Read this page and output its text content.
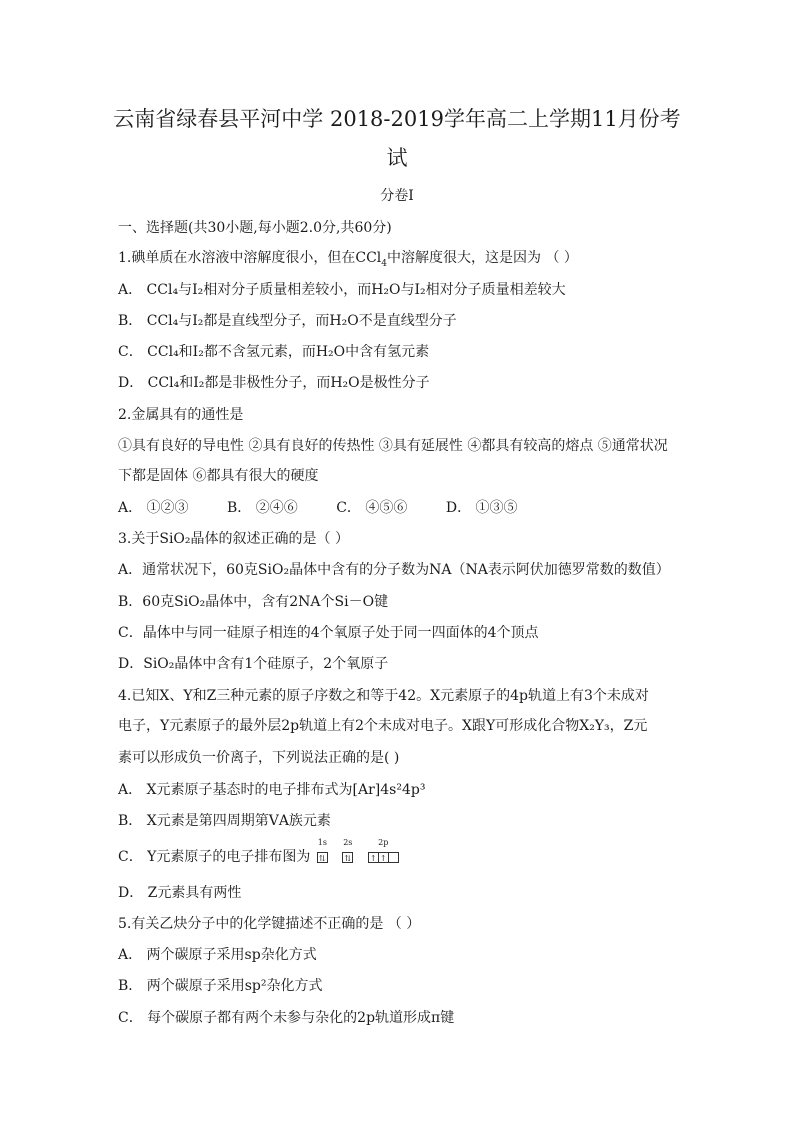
云南省绿春县平河中学 2018-2019学年高二上学期11月份考
试
分卷I
一、选择题(共30小题,每小题2.0分,共60分)
1.碘单质在水溶液中溶解度很小，但在CCl$_4$中溶解度很大，这是因为 （ ）
A． CCl₄与I₂相对分子质量相差较小，而H₂O与I₂相对分子质量相差较大
B． CCl₄与I₂都是直线型分子，而H₂O不是直线型分子
C． CCl₄和I₂都不含氢元素，而H₂O中含有氢元素
D． CCl₄和I₂都是非极性分子，而H₂O是极性分子
2.金属具有的通性是
①具有良好的导电性 ②具有良好的传热性 ③具有延展性 ④都具有较高的熔点 ⑤通常状况
下都是固体 ⑥都具有很大的硬度
A． ①②③	B． ②④⑥	C． ④⑤⑥	D． ①③⑤
3.关于SiO₂晶体的叙述正确的是（ ）
A．通常状况下，60克SiO₂晶体中含有的分子数为NA（NA表示阿伏加德罗常数的数值）
B．60克SiO₂晶体中，含有2NA个Si－O键
C．晶体中与同一硅原子相连的4个氧原子处于同一四面体的4个顶点
D．SiO₂晶体中含有1个硅原子，2个氧原子
4.已知X、Y和Z三种元素的原子序数之和等于42。X元素原子的4p轨道上有3个未成对
电子，Y元素原子的最外层2p轨道上有2个未成对电子。X跟Y可形成化合物X₂Y₃，Z元
素可以形成负一价离子，下列说法正确的是( )
A． X元素原子基态时的电子排布式为[Ar]4s²4p³
B． X元素是第四周期第ⅤA族元素
C． Y元素原子的电子排布图为
1s
⇅

2s
⇅

2p
↑ ↑
D． Z元素具有两性
5.有关乙炔分子中的化学键描述不正确的是 （ ）
A． 两个碳原子采用sp杂化方式
B． 两个碳原子采用sp²杂化方式
C． 每个碳原子都有两个未参与杂化的2p轨道形成π键
